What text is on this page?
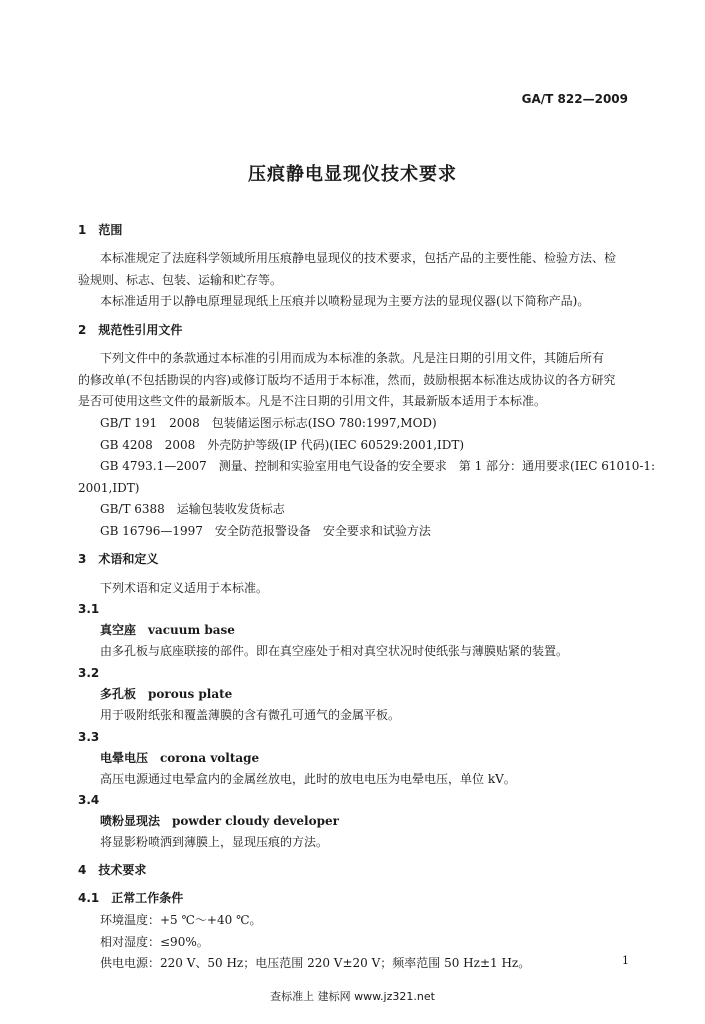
GA/T 822—2009
压痕静电显现仪技术要求
1　范围
本标准规定了法庭科学领域所用压痕静电显现仪的技术要求，包括产品的主要性能、检验方法、检
验规则、标志、包装、运输和贮存等。
本标准适用于以静电原理显现纸上压痕并以喷粉显现为主要方法的显现仪器(以下简称产品)。
2　规范性引用文件
下列文件中的条款通过本标准的引用而成为本标准的条款。凡是注日期的引用文件，其随后所有
的修改单(不包括勘误的内容)或修订版均不适用于本标准，然而，鼓励根据本标准达成协议的各方研究
是否可使用这些文件的最新版本。凡是不注日期的引用文件，其最新版本适用于本标准。
GB/T 191　2008　包装储运图示标志(ISO 780:1997,MOD)
GB 4208　2008　外壳防护等级(IP 代码)(IEC 60529:2001,IDT)
GB 4793.1—2007　测量、控制和实验室用电气设备的安全要求　第 1 部分：通用要求(IEC 61010-1:
2001,IDT)
GB/T 6388　运输包装收发货标志
GB 16796—1997　安全防范报警设备　安全要求和试验方法
3　术语和定义
下列术语和定义适用于本标准。
3.1
真空座　vacuum base
由多孔板与底座联接的部件。即在真空座处于相对真空状况时使纸张与薄膜贴紧的装置。
3.2
多孔板　porous plate
用于吸附纸张和覆盖薄膜的含有微孔可通气的金属平板。
3.3
电晕电压　corona voltage
高压电源通过电晕盒内的金属丝放电，此时的放电电压为电晕电压，单位 kV。
3.4
喷粉显现法　powder cloudy developer
将显影粉喷洒到薄膜上，显现压痕的方法。
4　技术要求
4.1　正常工作条件
环境温度：+5 ℃～+40 ℃。
相对湿度：≤90%。
供电电源：220 V、50 Hz；电压范围 220 V±20 V；频率范围 50 Hz±1 Hz。	1
查标准上 建标网 www.jz321.net
